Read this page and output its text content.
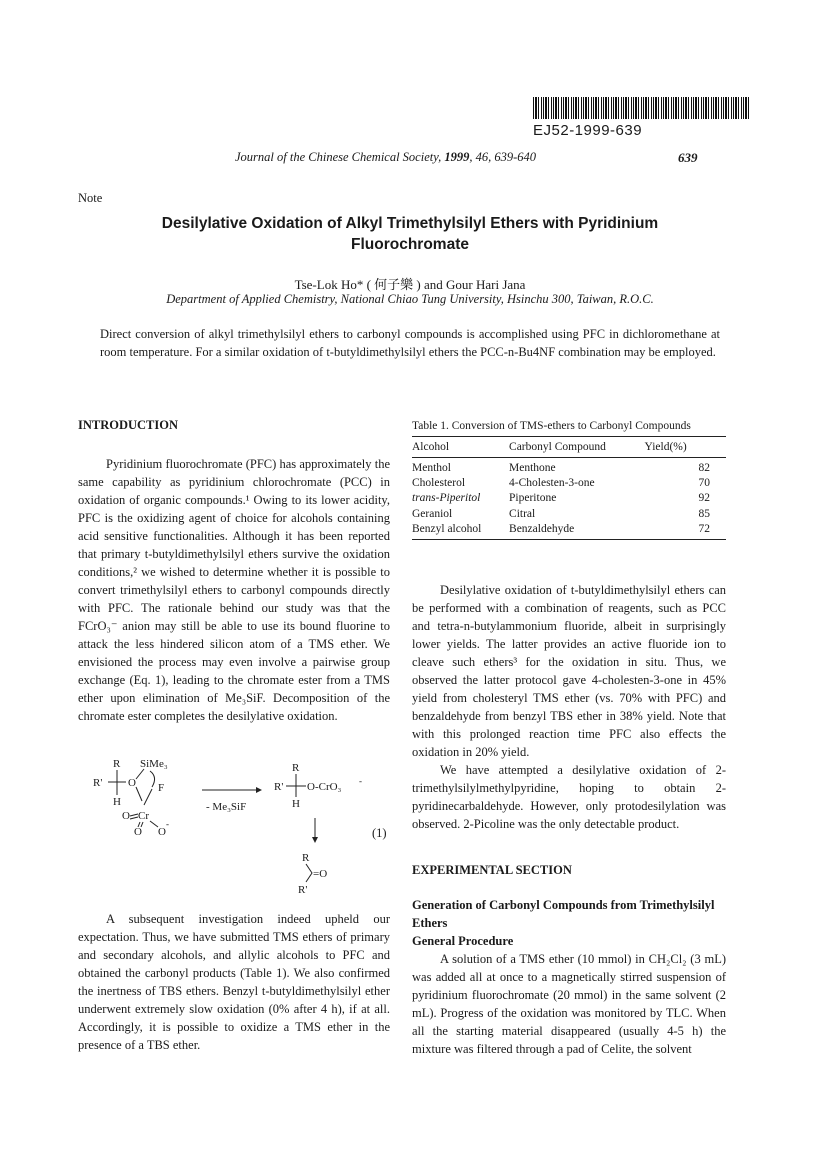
EJ52-1999-639
Journal of the Chinese Chemical Society, 1999, 46, 639-640	639
Note
Desilylative Oxidation of Alkyl Trimethylsilyl Ethers with Pyridinium
Fluorochromate
Tse-Lok Ho* ( 何子樂 ) and Gour Hari Jana
Department of Applied Chemistry, National Chiao Tung University, Hsinchu 300, Taiwan, R.O.C.
Direct conversion of alkyl trimethylsilyl ethers to carbonyl compounds is accomplished using PFC in dichloromethane at room temperature. For a similar oxidation of t-butyldimethylsilyl ethers the PCC-n-Bu4NF combination may be employed.
INTRODUCTION

Pyridinium fluorochromate (PFC) has approximately the same capability as pyridinium chlorochromate (PCC) in oxidation of organic compounds.¹ Owing to its lower acidity, PFC is the oxidizing agent of choice for alcohols containing acid sensitive functionalities. Although it has been reported that primary t-butyldimethylsilyl ethers survive the oxidation conditions,² we wished to determine whether it is possible to convert trimethylsilyl ethers to carbonyl compounds directly with PFC. The rationale behind our study was that the FCrO₃⁻ anion may still be able to use its bound fluorine to attack the less hindered silicon atom of a TMS ether. We envisioned the process may even involve a pairwise group exchange (Eq. 1), leading to the chromate ester from a TMS ether upon elimination of Me₃SiF. Decomposition of the chromate ester completes the desilylative oxidation.

R SiMe₃
R'
H
O F
O Cr
O O
-
- Me₃SiF
R
R'
H
O-CrO₃ -
R
=O
R'
(1)

A subsequent investigation indeed upheld our expectation. Thus, we have submitted TMS ethers of primary and secondary alcohols, and allylic alcohols to PFC and obtained the carbonyl products (Table 1). We also confirmed the inertness of TBS ethers. Benzyl t-butyldimethylsilyl ether underwent extremely slow oxidation (0% after 4 h), if at all. Accordingly, it is possible to oxidize a TMS ether in the presence of a TBS ether.

Table 1. Conversion of TMS-ethers to Carbonyl Compounds
Alcohol	Carbonyl Compound	Yield(%)
Menthol	Menthone	82
Cholesterol	4-Cholesten-3-one	70
trans-Piperitol	Piperitone	92
Geraniol	Citral	85
Benzyl alcohol	Benzaldehyde	72

Desilylative oxidation of t-butyldimethylsilyl ethers can be performed with a combination of reagents, such as PCC and tetra-n-butylammonium fluoride, albeit in surprisingly lower yields. The latter provides an active fluoride ion to cleave such ethers³ for the oxidation in situ. Thus, we observed the latter protocol gave 4-cholesten-3-one in 45% yield from cholesteryl TMS ether (vs. 70% with PFC) and benzaldehyde from benzyl TBS ether in 38% yield. Note that with this prolonged reaction time PFC also effects the oxidation in 20% yield.

We have attempted a desilylative oxidation of 2-trimethylsilylmethylpyridine, hoping to obtain 2-pyridinecarbaldehyde. However, only protodesilylation was observed. 2-Picoline was the only detectable product.

EXPERIMENTAL SECTION

Generation of Carbonyl Compounds from Trimethylsilyl Ethers

General Procedure

A solution of a TMS ether (10 mmol) in CH₂Cl₂ (3 mL) was added all at once to a magnetically stirred suspension of pyridinium fluorochromate (20 mmol) in the same solvent (2 mL). Progress of the oxidation was monitored by TLC. When all the starting material disappeared (usually 4-5 h) the mixture was filtered through a pad of Celite, the solvent
